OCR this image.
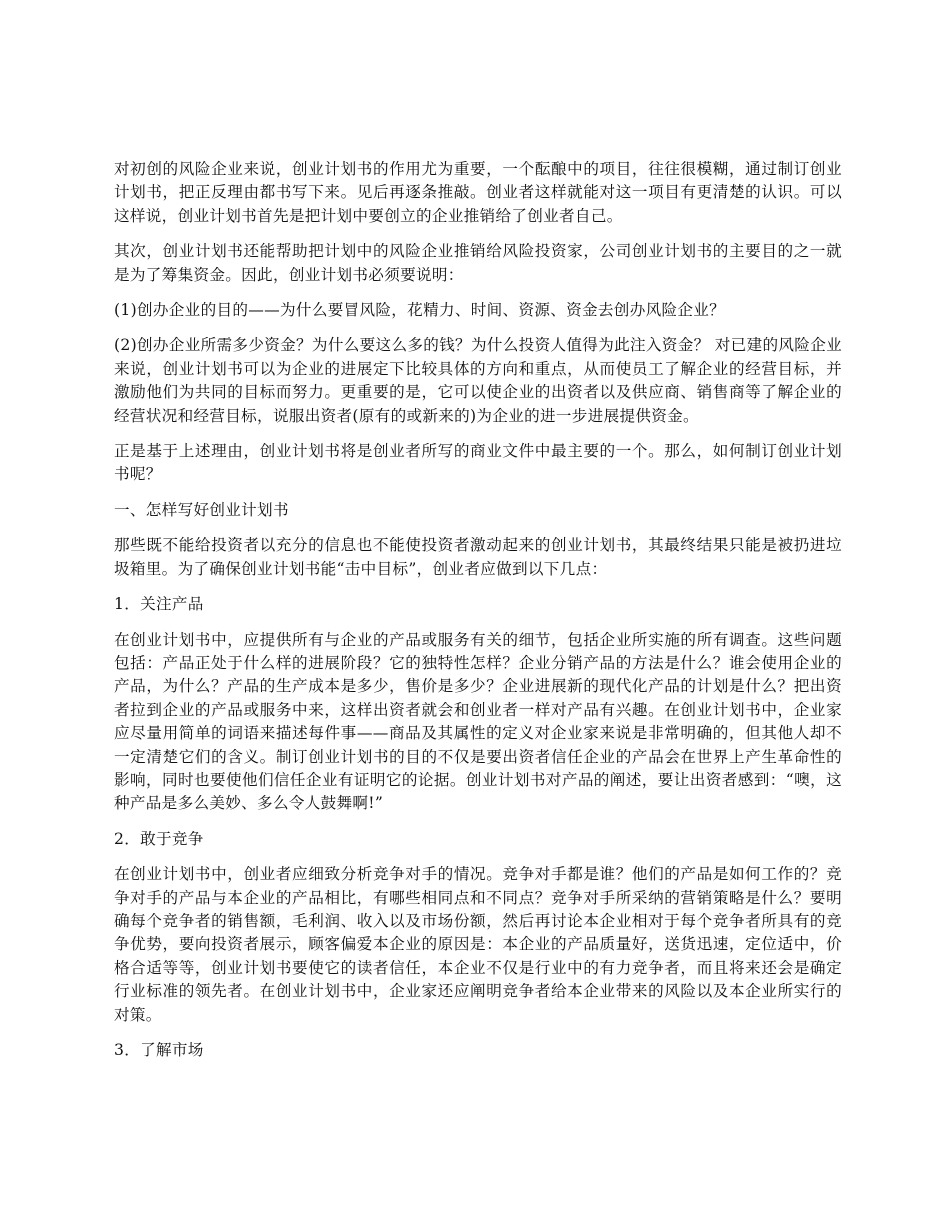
对初创的风险企业来说，创业计划书的作用尤为重要，一个酝酿中的项目，往往很模糊，通过制订创业计划书，把正反理由都书写下来。见后再逐条推敲。创业者这样就能对这一项目有更清楚的认识。可以这样说，创业计划书首先是把计划中要创立的企业推销给了创业者自己。

其次，创业计划书还能帮助把计划中的风险企业推销给风险投资家，公司创业计划书的主要目的之一就是为了筹集资金。因此，创业计划书必须要说明：

(1)创办企业的目的——为什么要冒风险，花精力、时间、资源、资金去创办风险企业？

(2)创办企业所需多少资金？为什么要这么多的钱？为什么投资人值得为此注入资金？ 对已建的风险企业来说，创业计划书可以为企业的进展定下比较具体的方向和重点，从而使员工了解企业的经营目标，并激励他们为共同的目标而努力。更重要的是，它可以使企业的出资者以及供应商、销售商等了解企业的经营状况和经营目标，说服出资者(原有的或新来的)为企业的进一步进展提供资金。

正是基于上述理由，创业计划书将是创业者所写的商业文件中最主要的一个。那么，如何制订创业计划书呢？

一、怎样写好创业计划书

那些既不能给投资者以充分的信息也不能使投资者激动起来的创业计划书，其最终结果只能是被扔进垃圾箱里。为了确保创业计划书能“击中目标”，创业者应做到以下几点：

1．关注产品

在创业计划书中，应提供所有与企业的产品或服务有关的细节，包括企业所实施的所有调查。这些问题包括：产品正处于什么样的进展阶段？它的独特性怎样？企业分销产品的方法是什么？谁会使用企业的产品，为什么？产品的生产成本是多少，售价是多少？企业进展新的现代化产品的计划是什么？把出资者拉到企业的产品或服务中来，这样出资者就会和创业者一样对产品有兴趣。在创业计划书中，企业家应尽量用简单的词语来描述每件事——商品及其属性的定义对企业家来说是非常明确的，但其他人却不一定清楚它们的含义。制订创业计划书的目的不仅是要出资者信任企业的产品会在世界上产生革命性的影响，同时也要使他们信任企业有证明它的论据。创业计划书对产品的阐述，要让出资者感到：“噢，这种产品是多么美妙、多么令人鼓舞啊!”

2．敢于竞争

在创业计划书中，创业者应细致分析竞争对手的情况。竞争对手都是谁？他们的产品是如何工作的？竞争对手的产品与本企业的产品相比，有哪些相同点和不同点？竞争对手所采纳的营销策略是什么？要明确每个竞争者的销售额，毛利润、收入以及市场份额，然后再讨论本企业相对于每个竞争者所具有的竞争优势，要向投资者展示，顾客偏爱本企业的原因是：本企业的产品质量好，送货迅速，定位适中，价格合适等等，创业计划书要使它的读者信任，本企业不仅是行业中的有力竞争者，而且将来还会是确定行业标准的领先者。在创业计划书中，企业家还应阐明竞争者给本企业带来的风险以及本企业所实行的对策。

3．了解市场
